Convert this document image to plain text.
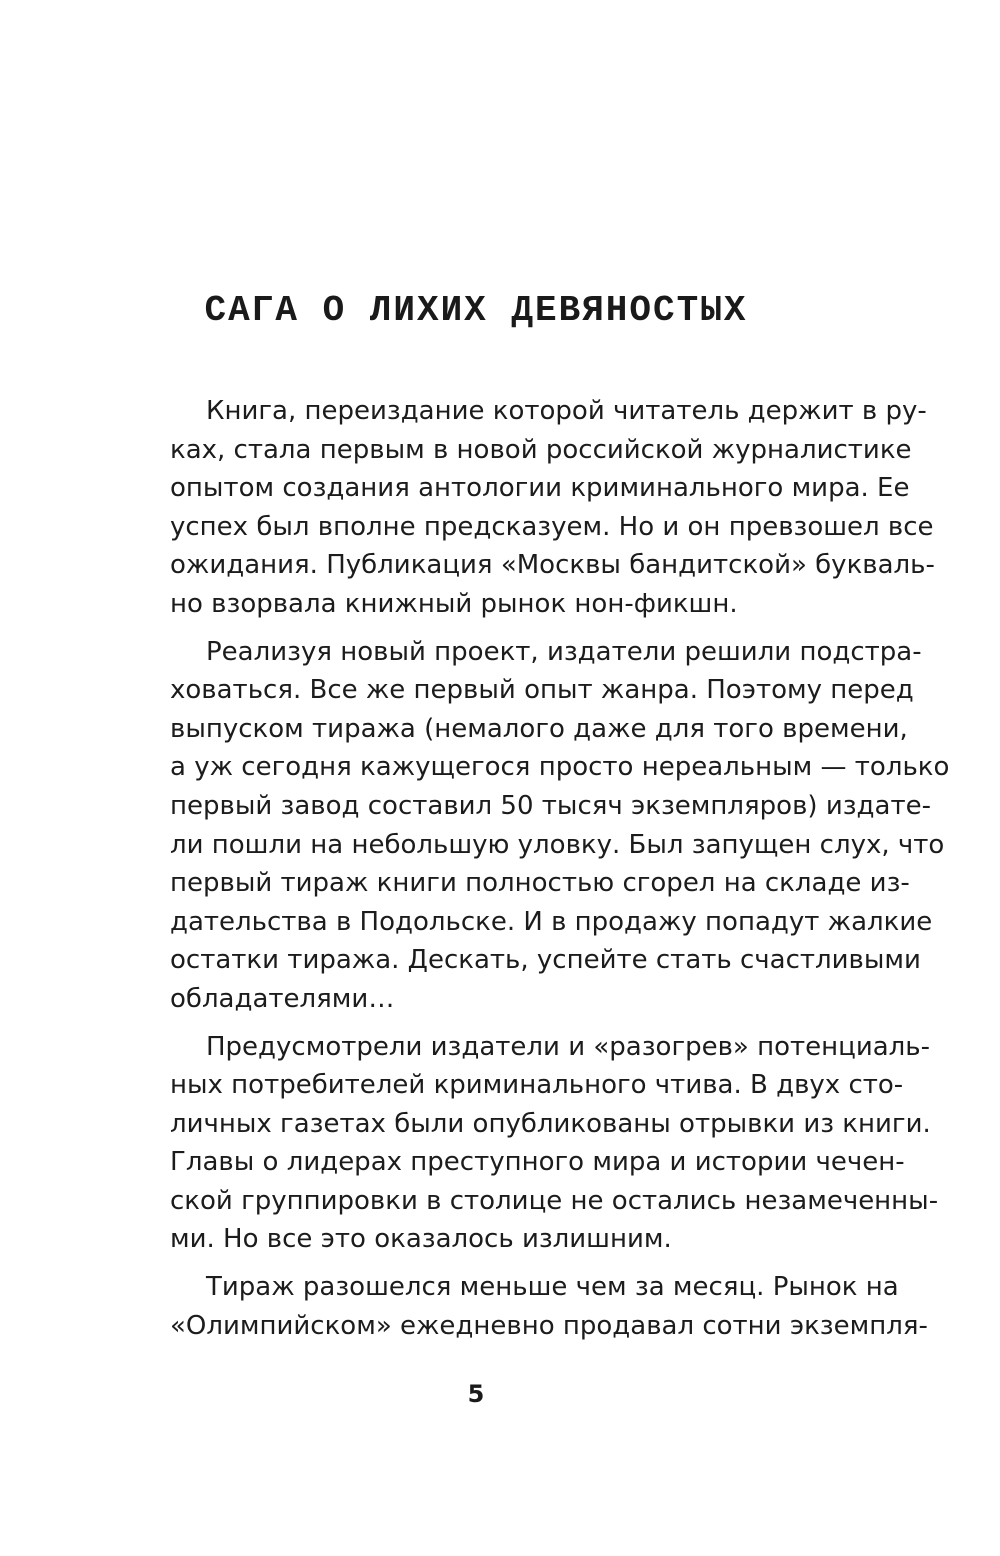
САГА О ЛИХИХ ДЕВЯНОСТЫХ

Книга, переиздание которой читатель держит в ру-
ках, стала первым в новой российской журналистике
опытом создания антологии криминального мира. Ее
успех был вполне предсказуем. Но и он превзошел все
ожидания. Публикация «Москвы бандитской» букваль-
но взорвала книжный рынок нон-фикшн.

Реализуя новый проект, издатели решили подстра-
ховаться. Все же первый опыт жанра. Поэтому перед
выпуском тиража (немалого даже для того времени,
а уж сегодня кажущегося просто нереальным — только
первый завод составил 50 тысяч экземпляров) издате-
ли пошли на небольшую уловку. Был запущен слух, что
первый тираж книги полностью сгорел на складе из-
дательства в Подольске. И в продажу попадут жалкие
остатки тиража. Дескать, успейте стать счастливыми
обладателями…

Предусмотрели издатели и «разогрев» потенциаль-
ных потребителей криминального чтива. В двух сто-
личных газетах были опубликованы отрывки из книги.
Главы о лидерах преступного мира и истории чечен-
ской группировки в столице не остались незамеченны-
ми. Но все это оказалось излишним.

Тираж разошелся меньше чем за месяц. Рынок на
«Олимпийском» ежедневно продавал сотни экземпля-

5
